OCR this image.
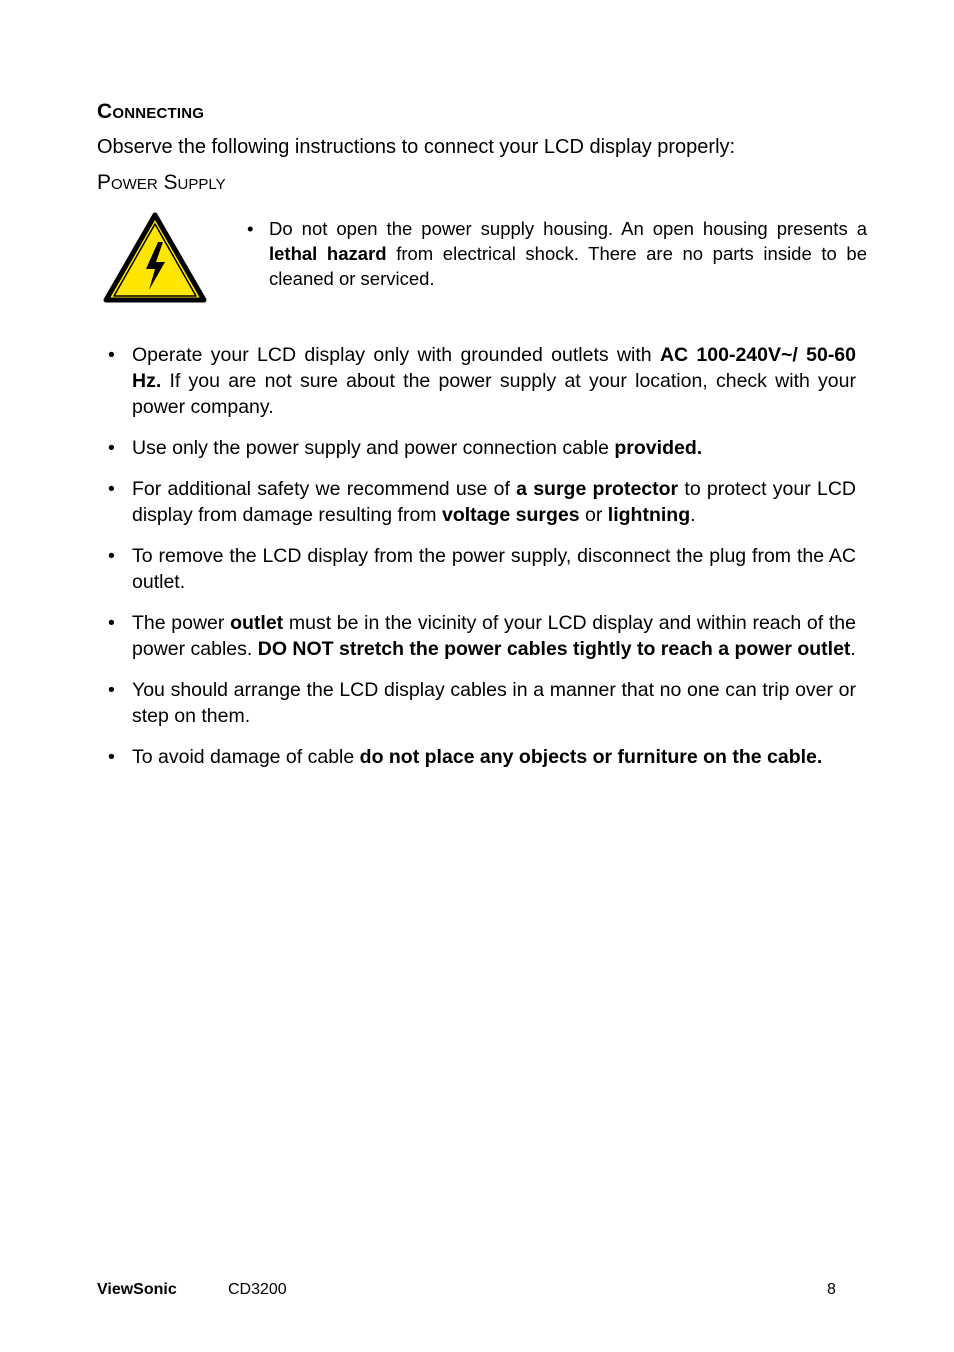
Connecting
Observe the following instructions to connect your LCD display properly:
Power Supply
• Do not open the power supply housing. An open housing presents a lethal hazard from electrical shock. There are no parts inside to be cleaned or serviced.
• Operate your LCD display only with grounded outlets with AC 100-240V~/ 50-60 Hz. If you are not sure about the power supply at your location, check with your power company.
• Use only the power supply and power connection cable provided.
• For additional safety we recommend use of a surge protector to protect your LCD display from damage resulting from voltage surges or lightning.
• To remove the LCD display from the power supply, disconnect the plug from the AC outlet.
• The power outlet must be in the vicinity of your LCD display and within reach of the power cables. DO NOT stretch the power cables tightly to reach a power outlet.
• You should arrange the LCD display cables in a manner that no one can trip over or step on them.
• To avoid damage of cable do not place any objects or furniture on the cable.
ViewSonic	CD3200	8
